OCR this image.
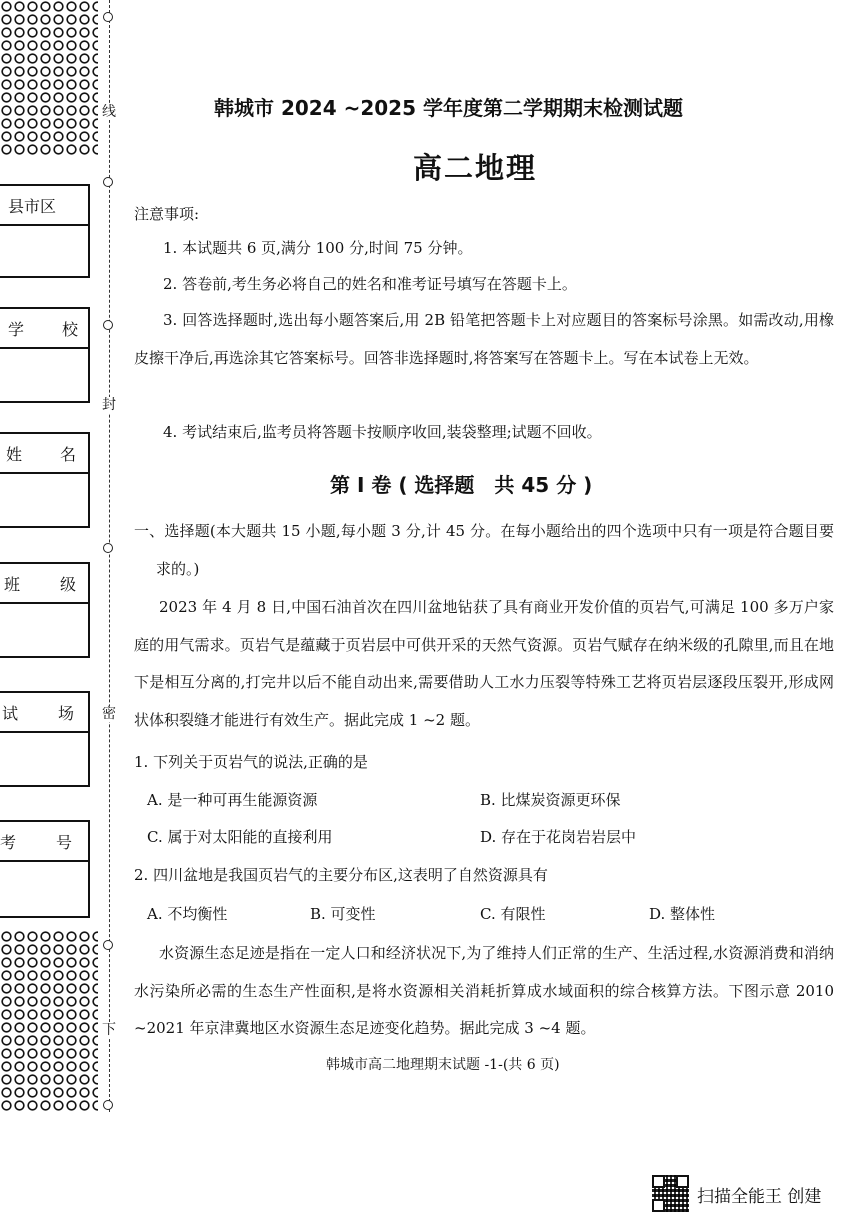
线
封
密
下
县市区
学校
姓名
班级
试场
考号
韩城市 2024 ~2025 学年度第二学期期末检测试题
高二地理
注意事项:
1. 本试题共 6 页,满分 100 分,时间 75 分钟。
2. 答卷前,考生务必将自己的姓名和准考证号填写在答题卡上。
3. 回答选择题时,选出每小题答案后,用 2B 铅笔把答题卡上对应题目的答案标号涂黑。如需改动,用橡皮擦干净后,再选涂其它答案标号。回答非选择题时,将答案写在答题卡上。写在本试卷上无效。
4. 考试结束后,监考员将答题卡按顺序收回,装袋整理;试题不回收。
第 Ⅰ 卷 ( 选择题　共 45 分 )
一、选择题(本大题共 15 小题,每小题 3 分,计 45 分。在每小题给出的四个选项中只有一项是符合题目要求的。)
2023 年 4 月 8 日,中国石油首次在四川盆地钻获了具有商业开发价值的页岩气,可满足 100 多万户家庭的用气需求。页岩气是蕴藏于页岩层中可供开采的天然气资源。页岩气赋存在纳米级的孔隙里,而且在地下是相互分离的,打完井以后不能自动出来,需要借助人工水力压裂等特殊工艺将页岩层逐段压裂开,形成网状体积裂缝才能进行有效生产。据此完成 1 ~2 题。
1. 下列关于页岩气的说法,正确的是
A. 是一种可再生能源资源	B. 比煤炭资源更环保
C. 属于对太阳能的直接利用	D. 存在于花岗岩岩层中
2. 四川盆地是我国页岩气的主要分布区,这表明了自然资源具有
A. 不均衡性	B. 可变性	C. 有限性	D. 整体性
水资源生态足迹是指在一定人口和经济状况下,为了维持人们正常的生产、生活过程,水资源消费和消纳水污染所必需的生态生产性面积,是将水资源相关消耗折算成水域面积的综合核算方法。下图示意 2010 ~2021 年京津冀地区水资源生态足迹变化趋势。据此完成 3 ~4 题。
韩城市高二地理期末试题 -1-(共 6 页)
扫描全能王 创建
